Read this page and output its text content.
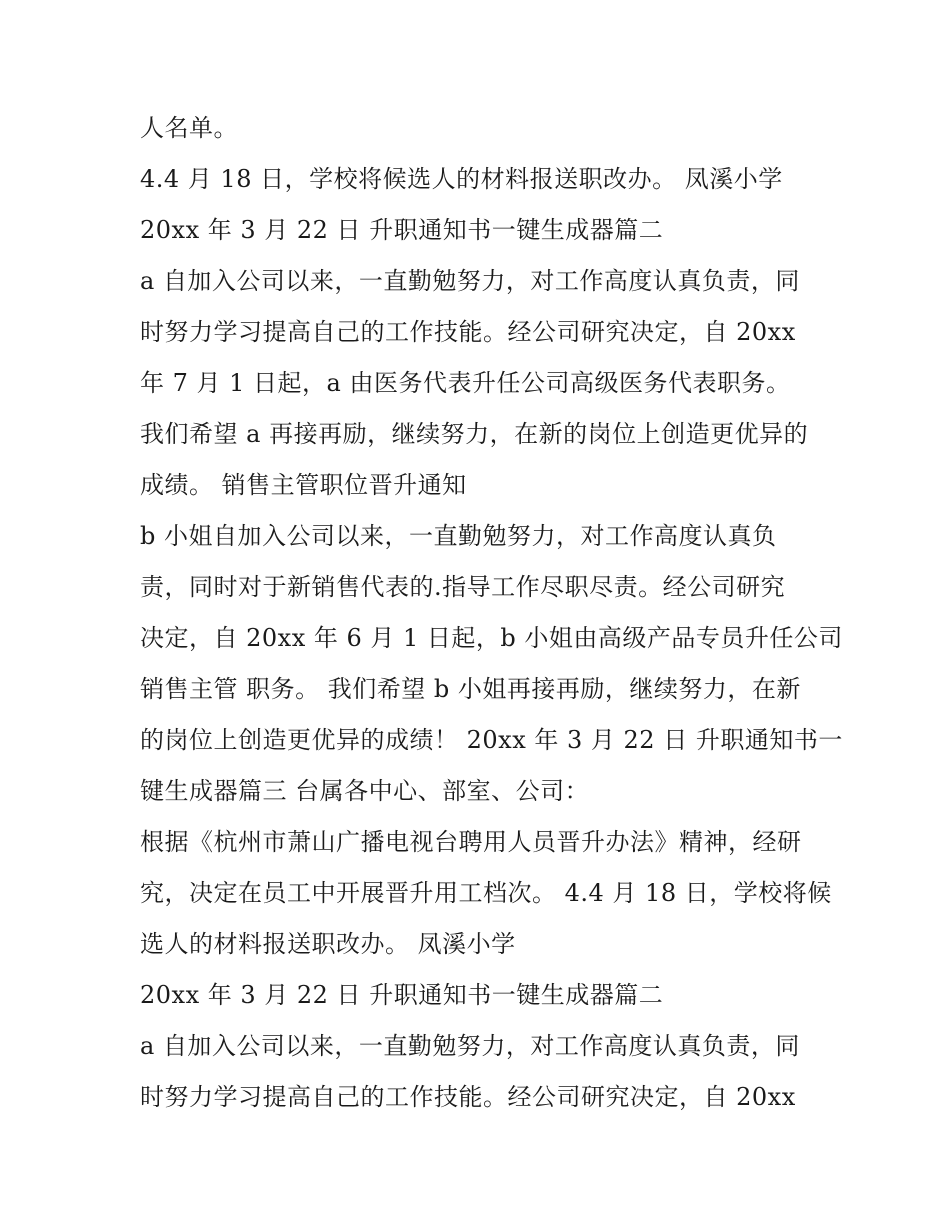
人名单。

4.4 月 18 日，学校将候选人的材料报送职改办。 凤溪小学

20xx 年 3 月 22 日 升职通知书一键生成器篇二

a 自加入公司以来，一直勤勉努力，对工作高度认真负责，同

时努力学习提高自己的工作技能。经公司研究决定，自 20xx

年 7 月 1 日起，a 由医务代表升任公司高级医务代表职务。

我们希望 a 再接再励，继续努力，在新的岗位上创造更优异的

成绩。 销售主管职位晋升通知

b 小姐自加入公司以来，一直勤勉努力，对工作高度认真负

责，同时对于新销售代表的.指导工作尽职尽责。经公司研究

决定，自 20xx 年 6 月 1 日起，b 小姐由高级产品专员升任公司

销售主管 职务。 我们希望 b 小姐再接再励，继续努力，在新

的岗位上创造更优异的成绩！ 20xx 年 3 月 22 日 升职通知书一

键生成器篇三 台属各中心、部室、公司：

根据《杭州市萧山广播电视台聘用人员晋升办法》精神，经研

究，决定在员工中开展晋升用工档次。 4.4 月 18 日，学校将候

选人的材料报送职改办。 凤溪小学

20xx 年 3 月 22 日 升职通知书一键生成器篇二

a 自加入公司以来，一直勤勉努力，对工作高度认真负责，同

时努力学习提高自己的工作技能。经公司研究决定，自 20xx
